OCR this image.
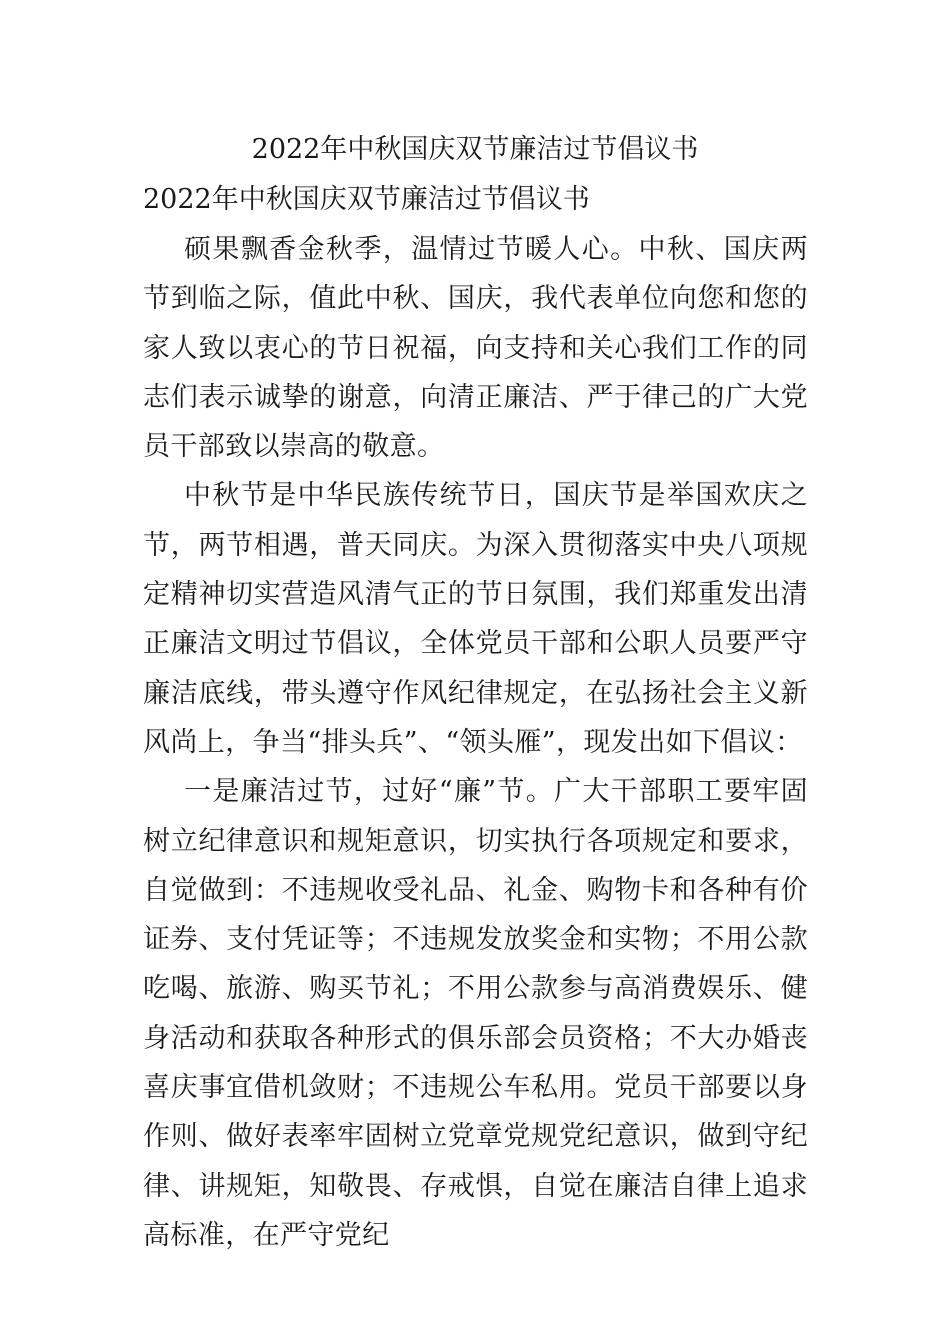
2022年中秋国庆双节廉洁过节倡议书
2022年中秋国庆双节廉洁过节倡议书

硕果飘香金秋季，温情过节暖人心。中秋、国庆两节到临之际，值此中秋、国庆，我代表单位向您和您的家人致以衷心的节日祝福，向支持和关心我们工作的同志们表示诚挚的谢意，向清正廉洁、严于律己的广大党员干部致以崇高的敬意。

中秋节是中华民族传统节日，国庆节是举国欢庆之节，两节相遇，普天同庆。为深入贯彻落实中央八项规定精神切实营造风清气正的节日氛围，我们郑重发出清正廉洁文明过节倡议，全体党员干部和公职人员要严守廉洁底线，带头遵守作风纪律规定，在弘扬社会主义新风尚上，争当“排头兵”、“领头雁”，现发出如下倡议：

一是廉洁过节，过好“廉”节。广大干部职工要牢固树立纪律意识和规矩意识，切实执行各项规定和要求，自觉做到：不违规收受礼品、礼金、购物卡和各种有价证券、支付凭证等；不违规发放奖金和实物；不用公款吃喝、旅游、购买节礼；不用公款参与高消费娱乐、健身活动和获取各种形式的俱乐部会员资格；不大办婚丧喜庆事宜借机敛财；不违规公车私用。党员干部要以身作则、做好表率牢固树立党章党规党纪意识，做到守纪律、讲规矩，知敬畏、存戒惧，自觉在廉洁自律上追求高标准，在严守党纪
